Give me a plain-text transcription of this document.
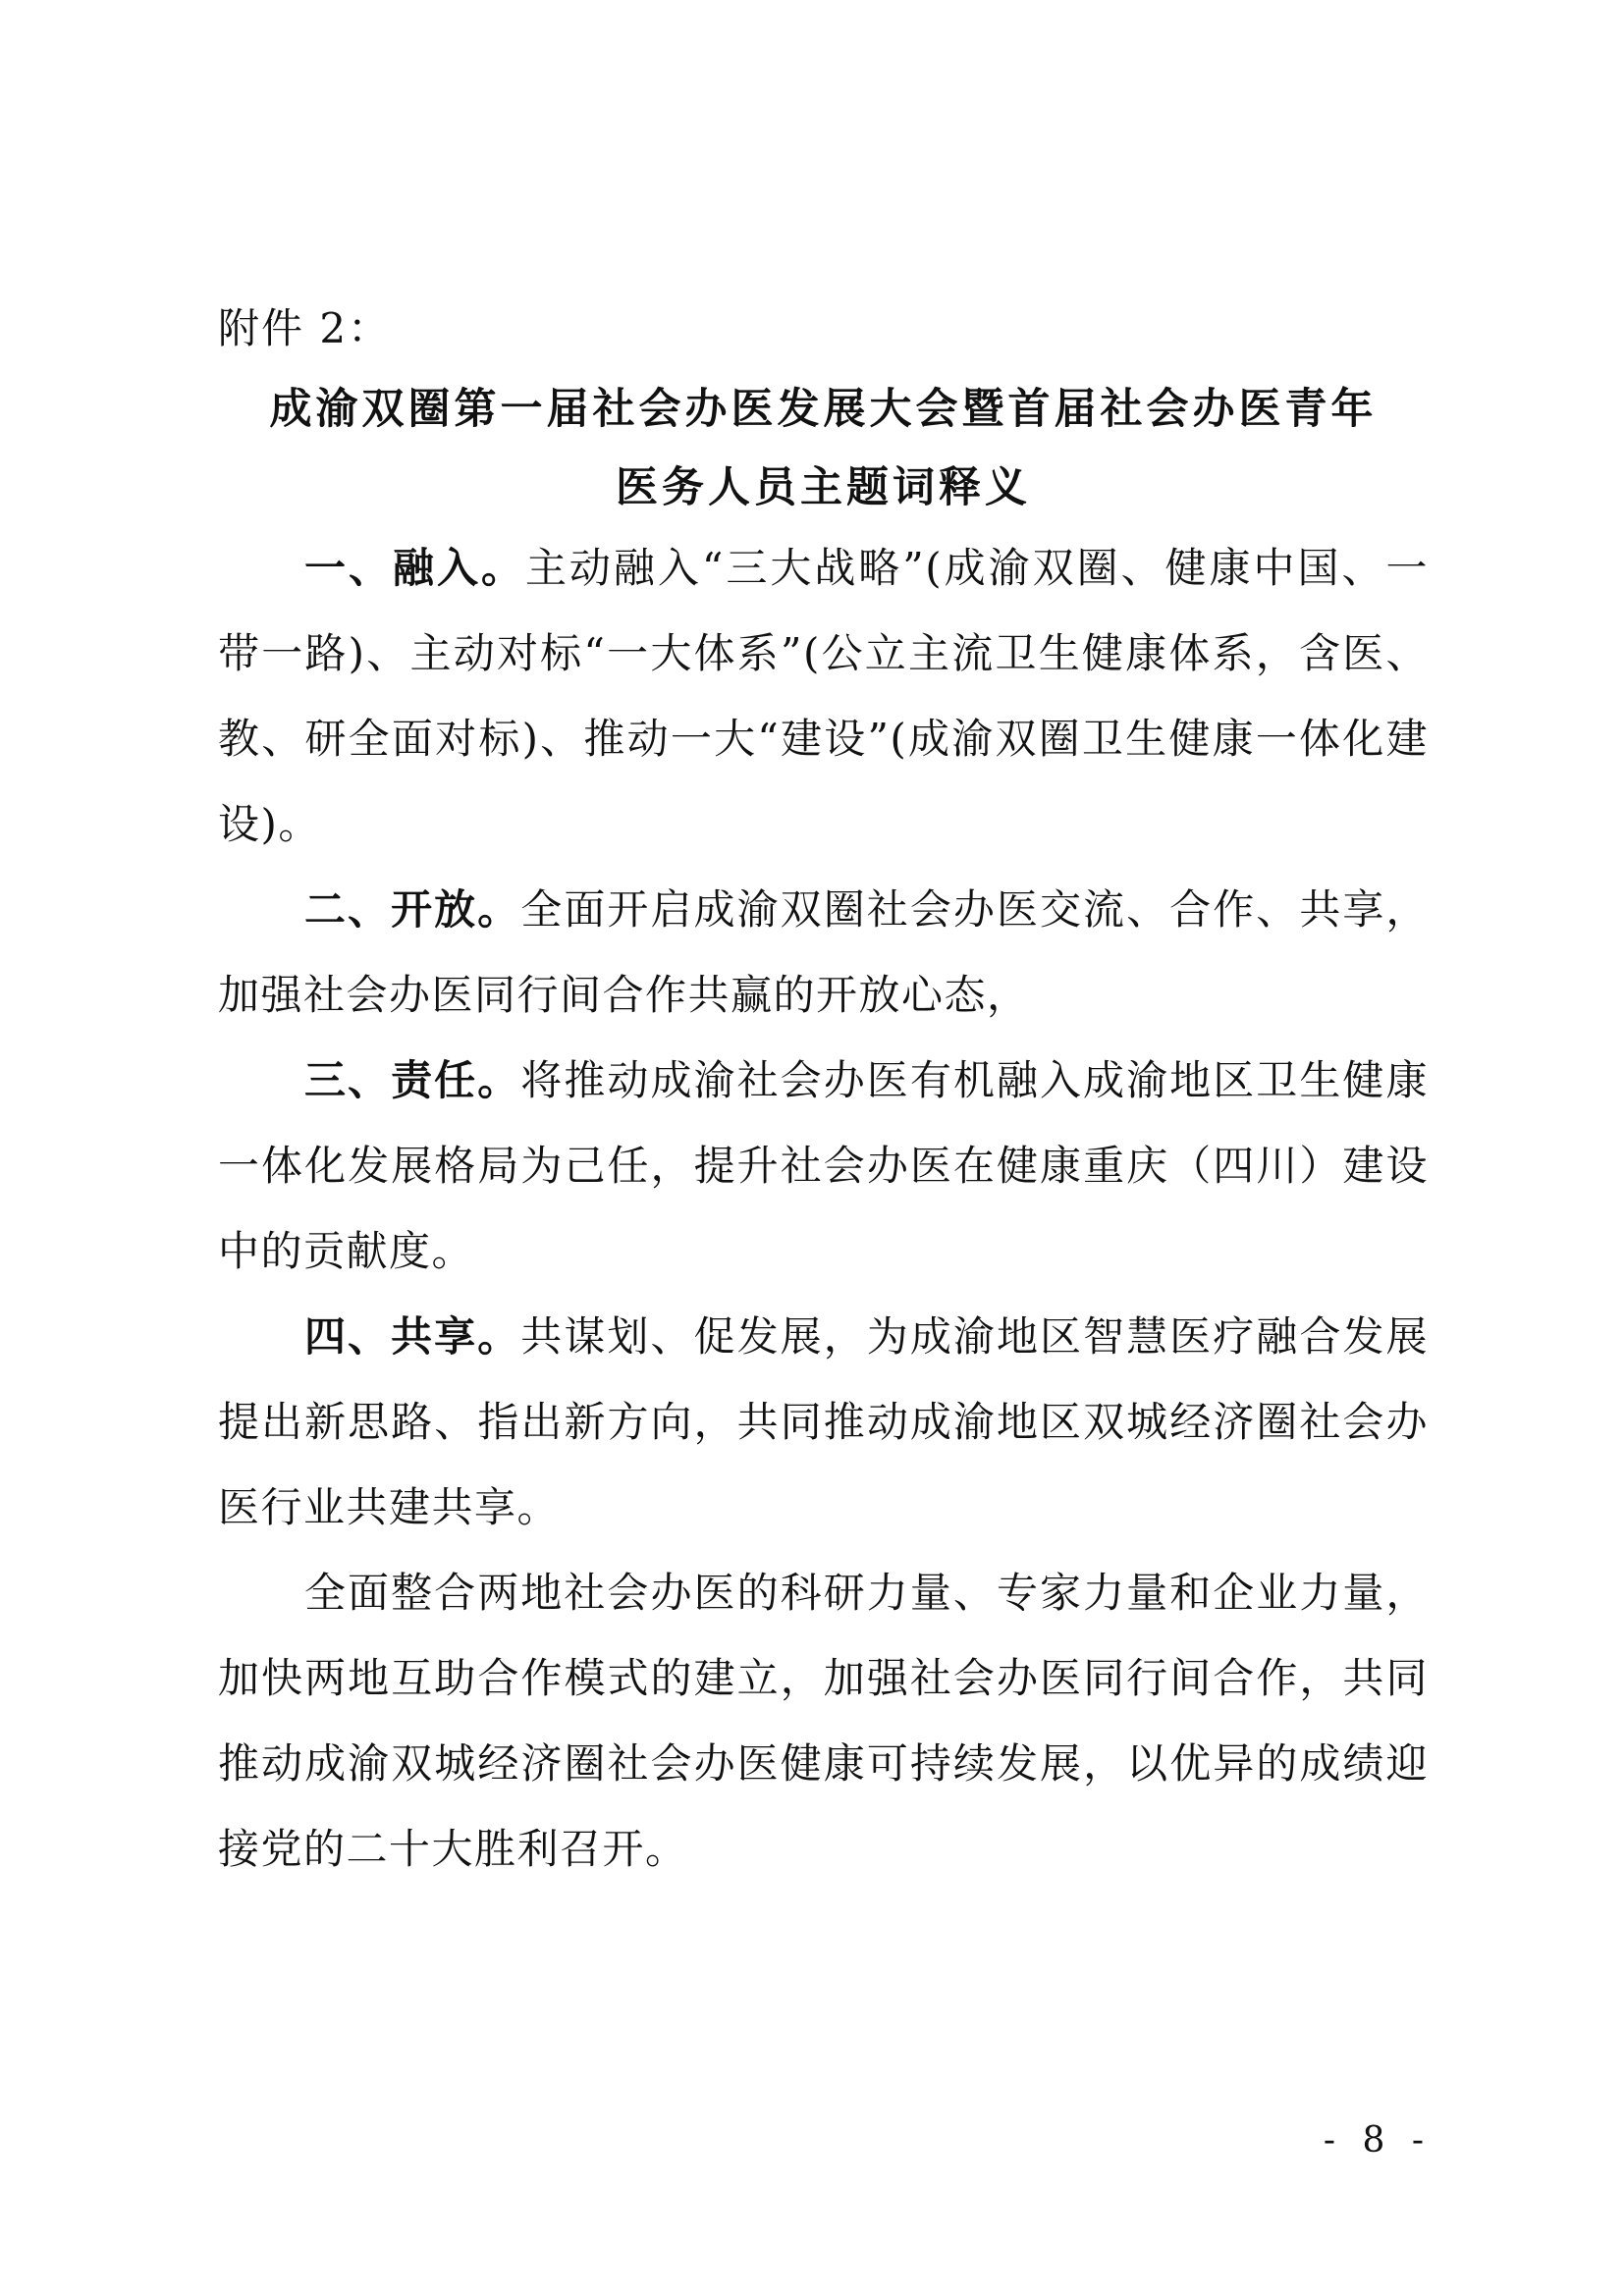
附件 2：
成渝双圈第一届社会办医发展大会暨首届社会办医青年
医务人员主题词释义

一、融入。主动融入“三大战略”(成渝双圈、健康中国、一带一路)、主动对标“一大体系”(公立主流卫生健康体系，含医、教、研全面对标)、推动一大“建设”(成渝双圈卫生健康一体化建设)。

二、开放。全面开启成渝双圈社会办医交流、合作、共享，加强社会办医同行间合作共赢的开放心态，

三、责任。将推动成渝社会办医有机融入成渝地区卫生健康一体化发展格局为己任，提升社会办医在健康重庆（四川）建设中的贡献度。

四、共享。共谋划、促发展，为成渝地区智慧医疗融合发展提出新思路、指出新方向，共同推动成渝地区双城经济圈社会办医行业共建共享。

全面整合两地社会办医的科研力量、专家力量和企业力量，加快两地互助合作模式的建立，加强社会办医同行间合作，共同推动成渝双城经济圈社会办医健康可持续发展，以优异的成绩迎接党的二十大胜利召开。

- 8 -
